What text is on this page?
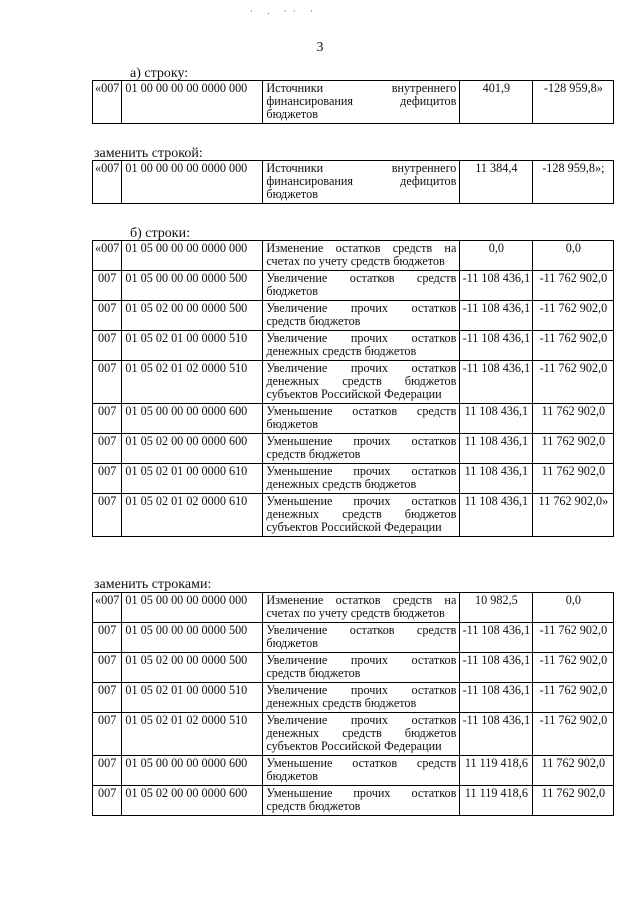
· . ·· ·
3
а) строку:
«007	01 00 00 00 00 0000 000	Источники внутреннего финансирования дефицитов бюджетов	401,9	-128 959,8»
заменить строкой:
«007	01 00 00 00 00 0000 000	Источники внутреннего финансирования дефицитов бюджетов	11 384,4	-128 959,8»;
б) строки:
«007	01 05 00 00 00 0000 000	Изменение остатков средств на счетах по учету средств бюджетов	0,0	0,0
007	01 05 00 00 00 0000 500	Увеличение остатков средств бюджетов	-11 108 436,1	-11 762 902,0
007	01 05 02 00 00 0000 500	Увеличение прочих остатков средств бюджетов	-11 108 436,1	-11 762 902,0
007	01 05 02 01 00 0000 510	Увеличение прочих остатков денежных средств бюджетов	-11 108 436,1	-11 762 902,0
007	01 05 02 01 02 0000 510	Увеличение прочих остатков денежных средств бюджетов субъектов Российской Федерации	-11 108 436,1	-11 762 902,0
007	01 05 00 00 00 0000 600	Уменьшение остатков средств бюджетов	11 108 436,1	11 762 902,0
007	01 05 02 00 00 0000 600	Уменьшение прочих остатков средств бюджетов	11 108 436,1	11 762 902,0
007	01 05 02 01 00 0000 610	Уменьшение прочих остатков денежных средств бюджетов	11 108 436,1	11 762 902,0
007	01 05 02 01 02 0000 610	Уменьшение прочих остатков денежных средств бюджетов субъектов Российской Федерации	11 108 436,1	11 762 902,0»
заменить строками:
«007	01 05 00 00 00 0000 000	Изменение остатков средств на счетах по учету средств бюджетов	10 982,5	0,0
007	01 05 00 00 00 0000 500	Увеличение остатков средств бюджетов	-11 108 436,1	-11 762 902,0
007	01 05 02 00 00 0000 500	Увеличение прочих остатков средств бюджетов	-11 108 436,1	-11 762 902,0
007	01 05 02 01 00 0000 510	Увеличение прочих остатков денежных средств бюджетов	-11 108 436,1	-11 762 902,0
007	01 05 02 01 02 0000 510	Увеличение прочих остатков денежных средств бюджетов субъектов Российской Федерации	-11 108 436,1	-11 762 902,0
007	01 05 00 00 00 0000 600	Уменьшение остатков средств бюджетов	11 119 418,6	11 762 902,0
007	01 05 02 00 00 0000 600	Уменьшение прочих остатков средств бюджетов	11 119 418,6	11 762 902,0
